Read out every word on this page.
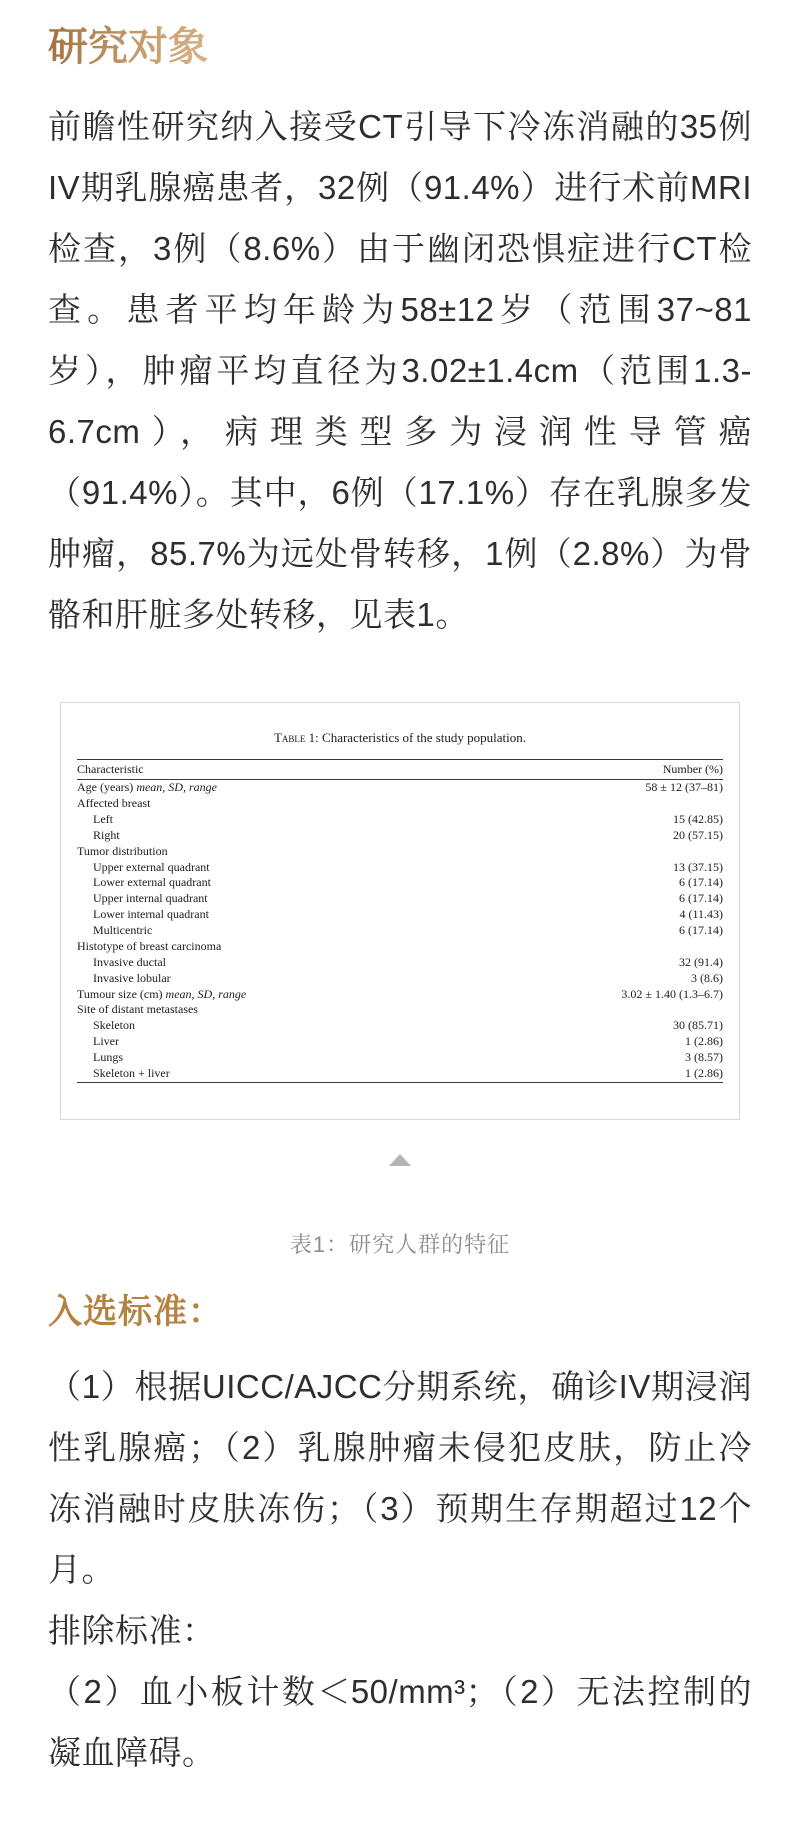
研究对象

前瞻性研究纳入接受CT引导下冷冻消融的35例IV期乳腺癌患者，32例（91.4%）进行术前MRI检查，3例（8.6%）由于幽闭恐惧症进行CT检查。患者平均年龄为58±12岁（范围37~81岁），肿瘤平均直径为3.02±1.4cm（范围1.3-6.7cm），病理类型多为浸润性导管癌（91.4%）。其中，6例（17.1%）存在乳腺多发肿瘤，85.7%为远处骨转移，1例（2.8%）为骨骼和肝脏多处转移，见表1。

Table 1: Characteristics of the study population.

Characteristic	Number (%)
Age (years) mean, SD, range	58 ± 12 (37–81)
Affected breast	
Left	15 (42.85)
Right	20 (57.15)
Tumor distribution	
Upper external quadrant	13 (37.15)
Lower external quadrant	6 (17.14)
Upper internal quadrant	6 (17.14)
Lower internal quadrant	4 (11.43)
Multicentric	6 (17.14)
Histotype of breast carcinoma	
Invasive ductal	32 (91.4)
Invasive lobular	3 (8.6)
Tumour size (cm) mean, SD, range	3.02 ± 1.40 (1.3–6.7)
Site of distant metastases	
Skeleton	30 (85.71)
Liver	1 (2.86)
Lungs	3 (8.57)
Skeleton + liver	1 (2.86)

表1：研究人群的特征

入选标准：

（1）根据UICC/AJCC分期系统，确诊IV期浸润性乳腺癌；（2）乳腺肿瘤未侵犯皮肤，防止冷冻消融时皮肤冻伤；（3）预期生存期超过12个月。

排除标准：

（2）血小板计数＜50/mm³；（2）无法控制的凝血障碍。
